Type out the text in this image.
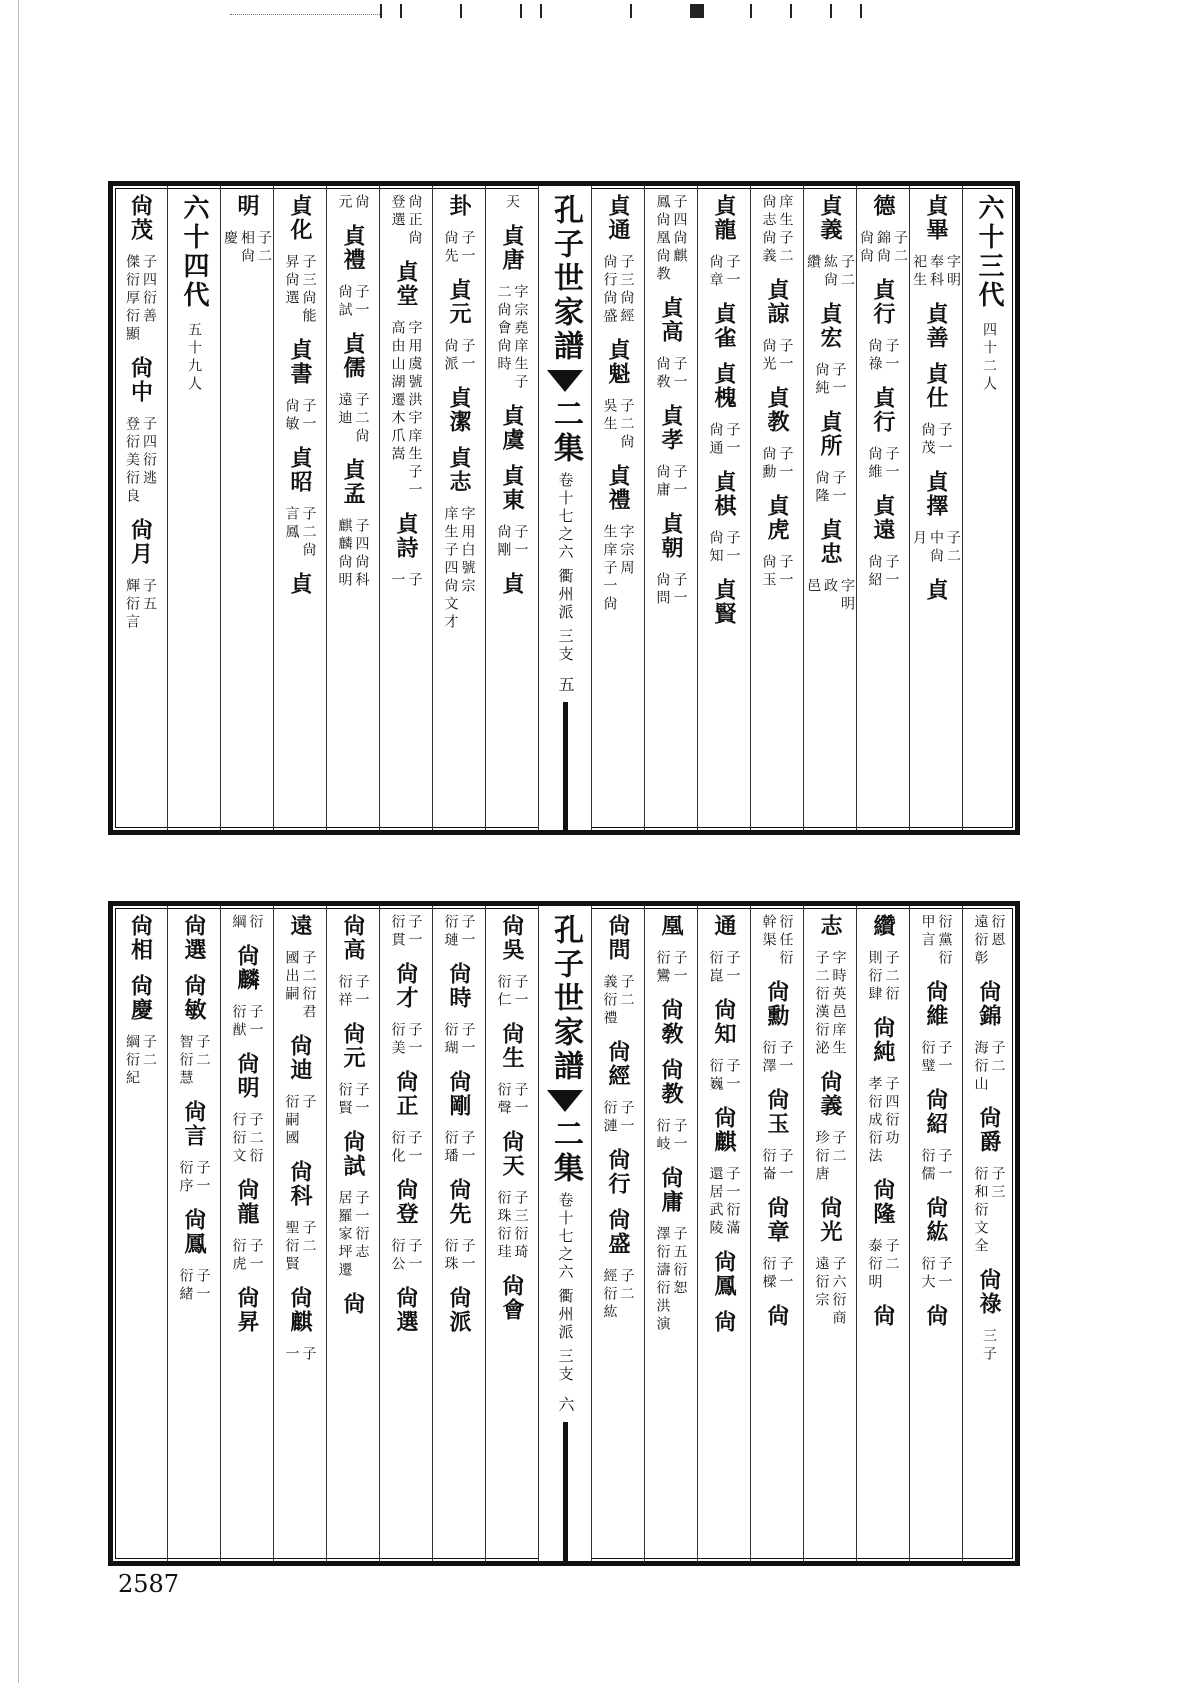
六十三代
四十二人
貞畢
字明
奉科
祀生
貞善
貞仕
子一
尙茂
貞擇
子二
中尙
月
貞
德
子二
錦尙
尙尙
貞行
子一
尙祿
貞行
子一
尙維
貞遠
子一
尙紹
貞義
子二
紘尙
纘
貞宏
子一
尙純
貞所
子一
尙隆
貞忠
字明
政
邑
庠生子二
尙志尙義
貞諒
子一
尙光
貞教
子一
尙勳
貞虎
子一
尙玉
貞龍
子一
尙章
貞雀
貞槐
子一
尙通
貞棋
子一
尙知
貞賢
子四尙麒
鳳尙凰尙教
貞高
子一
尙敎
貞孝
子一
尙庸
貞朝
子一
尙問
貞通
子三尙經
尙行尙盛
貞魁
子二尙
吳生
貞禮
字宗周
生庠子一尙
孔子世家譜
二集
卷十七之六
衢州派
三支
五
天
貞唐
字宗堯庠生子
二尙會尙時
貞虞
貞東
子一
尙剛
貞
卦
子一
尙先
貞元
子一
尙派
貞潔
貞志
字用白號宗
庠生子四尙文才
尙正尙
登選
貞堂
字用虞號洪宇庠生子一
高由山湖遷木爪嵩
貞詩
子
一
尙
元
貞禮
子一
尙試
貞儒
子二尙
遠迪
貞孟
子四尙科
麒麟尙明
貞化
子三尙能
昇尙選
貞書
子一
尙敏
貞昭
子二尙
言鳳
貞
明
子二
相尙
慶
六十四代
五十九人
尙茂
子四衍善
傑衍厚衍顯
尙中
子四衍逃
登衍美衍良
尙月
子五
輝衍言
衍恩
遠衍彰
尙錦
子二
海衍山
尙爵
子三
衍和衍文全
尙祿
三子
衍黨衍
甲言
尙維
子一
衍璧
尙紹
子一
衍儒
尙紘
子一
衍大
尙
纘
子二衍
則衍肆
尙純
子四衍功
孝衍成衍法
尙隆
子二
泰衍明
尙
志
字時英邑庠生
子二衍漢衍泌
尙義
子二
珍衍唐
尙光
子六衍商
遠衍宗
衍任衍
幹渠
尙勳
子一
衍澤
尙玉
子一
衍崙
尙章
子一
衍樑
尙
通
子一
衍崑
尙知
子一
衍巍
尙麒
子一衍滿
還居武陵
尙鳳
尙
凰
子一
衍鸞
尙敎
尙教
子一
衍岐
尙庸
子五衍恕
澤衍濤衍洪演
尙問
子二
義衍禮
尙經
子一
衍漣
尙行
尙盛
子二
經衍紘
孔子世家譜
二集
卷十七之六
衢州派
三支
六
尙吳
子一
衍仁
尙生
子一
衍聲
尙天
子三衍琦
衍珠衍珪
尙會
子一
衍璉
尙時
子一
衍瑚
尙剛
子一
衍璠
尙先
子一
衍珠
尙派
子一
衍貫
尙才
子一
衍美
尙正
子一
衍化
尙登
子一
衍公
尙選
尙高
子一
衍祥
尙元
子一
衍賢
尙試
子一衍志
居羅家坪遷
尙
遠
子二衍君
國出嗣
尙迪
子
衍嗣國
尙科
子二
聖衍賢
尙麒
子
一
衍
綱
尙麟
子一
衍猷
尙明
子二衍
行衍文
尙龍
子一
衍虎
尙昇
尙選
尙敏
子二
智衍慧
尙言
子一
衍序
尙鳳
子一
衍緒
尙相
尙慶
子二
綱衍紀
2587
